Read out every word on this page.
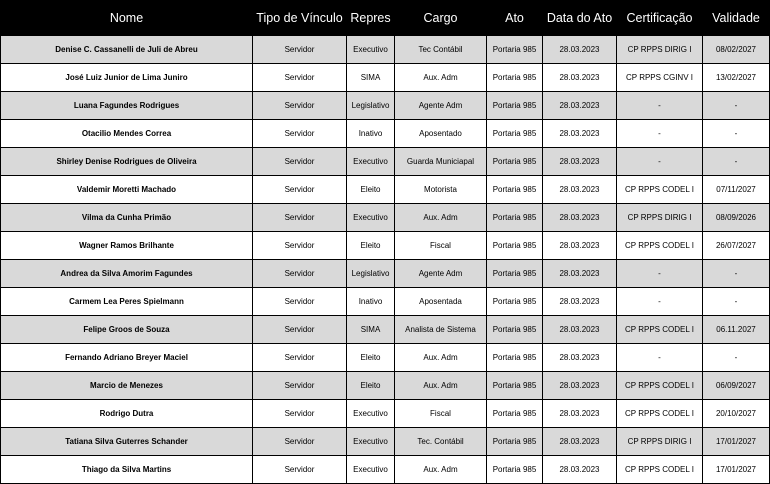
Nome	Tipo de Vínculo	Repres	Cargo	Ato	Data do Ato	Certificação	Validade
Denise C. Cassanelli de Juli de Abreu	Servidor	Executivo	Tec Contábil	Portaria 985	28.03.2023	CP RPPS DIRIG I	08/02/2027
José Luiz Junior de Lima Juniro	Servidor	SIMA	Aux. Adm	Portaria 985	28.03.2023	CP RPPS CGINV I	13/02/2027
Luana Fagundes Rodrigues	Servidor	Legislativo	Agente Adm	Portaria 985	28.03.2023	-	-
Otacilio Mendes Correa	Servidor	Inativo	Aposentado	Portaria 985	28.03.2023	-	-
Shirley Denise Rodrigues de Oliveira	Servidor	Executivo	Guarda Municiapal	Portaria 985	28.03.2023	-	-
Valdemir Moretti Machado	Servidor	Eleito	Motorista	Portaria 985	28.03.2023	CP RPPS CODEL I	07/11/2027
Vilma da Cunha Primão	Servidor	Executivo	Aux. Adm	Portaria 985	28.03.2023	CP RPPS DIRIG I	08/09/2026
Wagner Ramos Brilhante	Servidor	Eleito	Fiscal	Portaria 985	28.03.2023	CP RPPS CODEL I	26/07/2027
Andrea da Silva Amorim Fagundes	Servidor	Legislativo	Agente Adm	Portaria 985	28.03.2023	-	-
Carmem Lea Peres Spielmann	Servidor	Inativo	Aposentada	Portaria 985	28.03.2023	-	-
Felipe Groos de Souza	Servidor	SIMA	Analista de Sistema	Portaria 985	28.03.2023	CP RPPS CODEL I	06.11.2027
Fernando Adriano Breyer Maciel	Servidor	Eleito	Aux. Adm	Portaria 985	28.03.2023	-	-
Marcio de Menezes	Servidor	Eleito	Aux. Adm	Portaria 985	28.03.2023	CP RPPS CODEL I	06/09/2027
Rodrigo Dutra	Servidor	Executivo	Fiscal	Portaria 985	28.03.2023	CP RPPS CODEL I	20/10/2027
Tatiana Silva Guterres Schander	Servidor	Executivo	Tec. Contábil	Portaria 985	28.03.2023	CP RPPS DIRIG I	17/01/2027
Thiago da Silva Martins	Servidor	Executivo	Aux. Adm	Portaria 985	28.03.2023	CP RPPS CODEL I	17/01/2027
